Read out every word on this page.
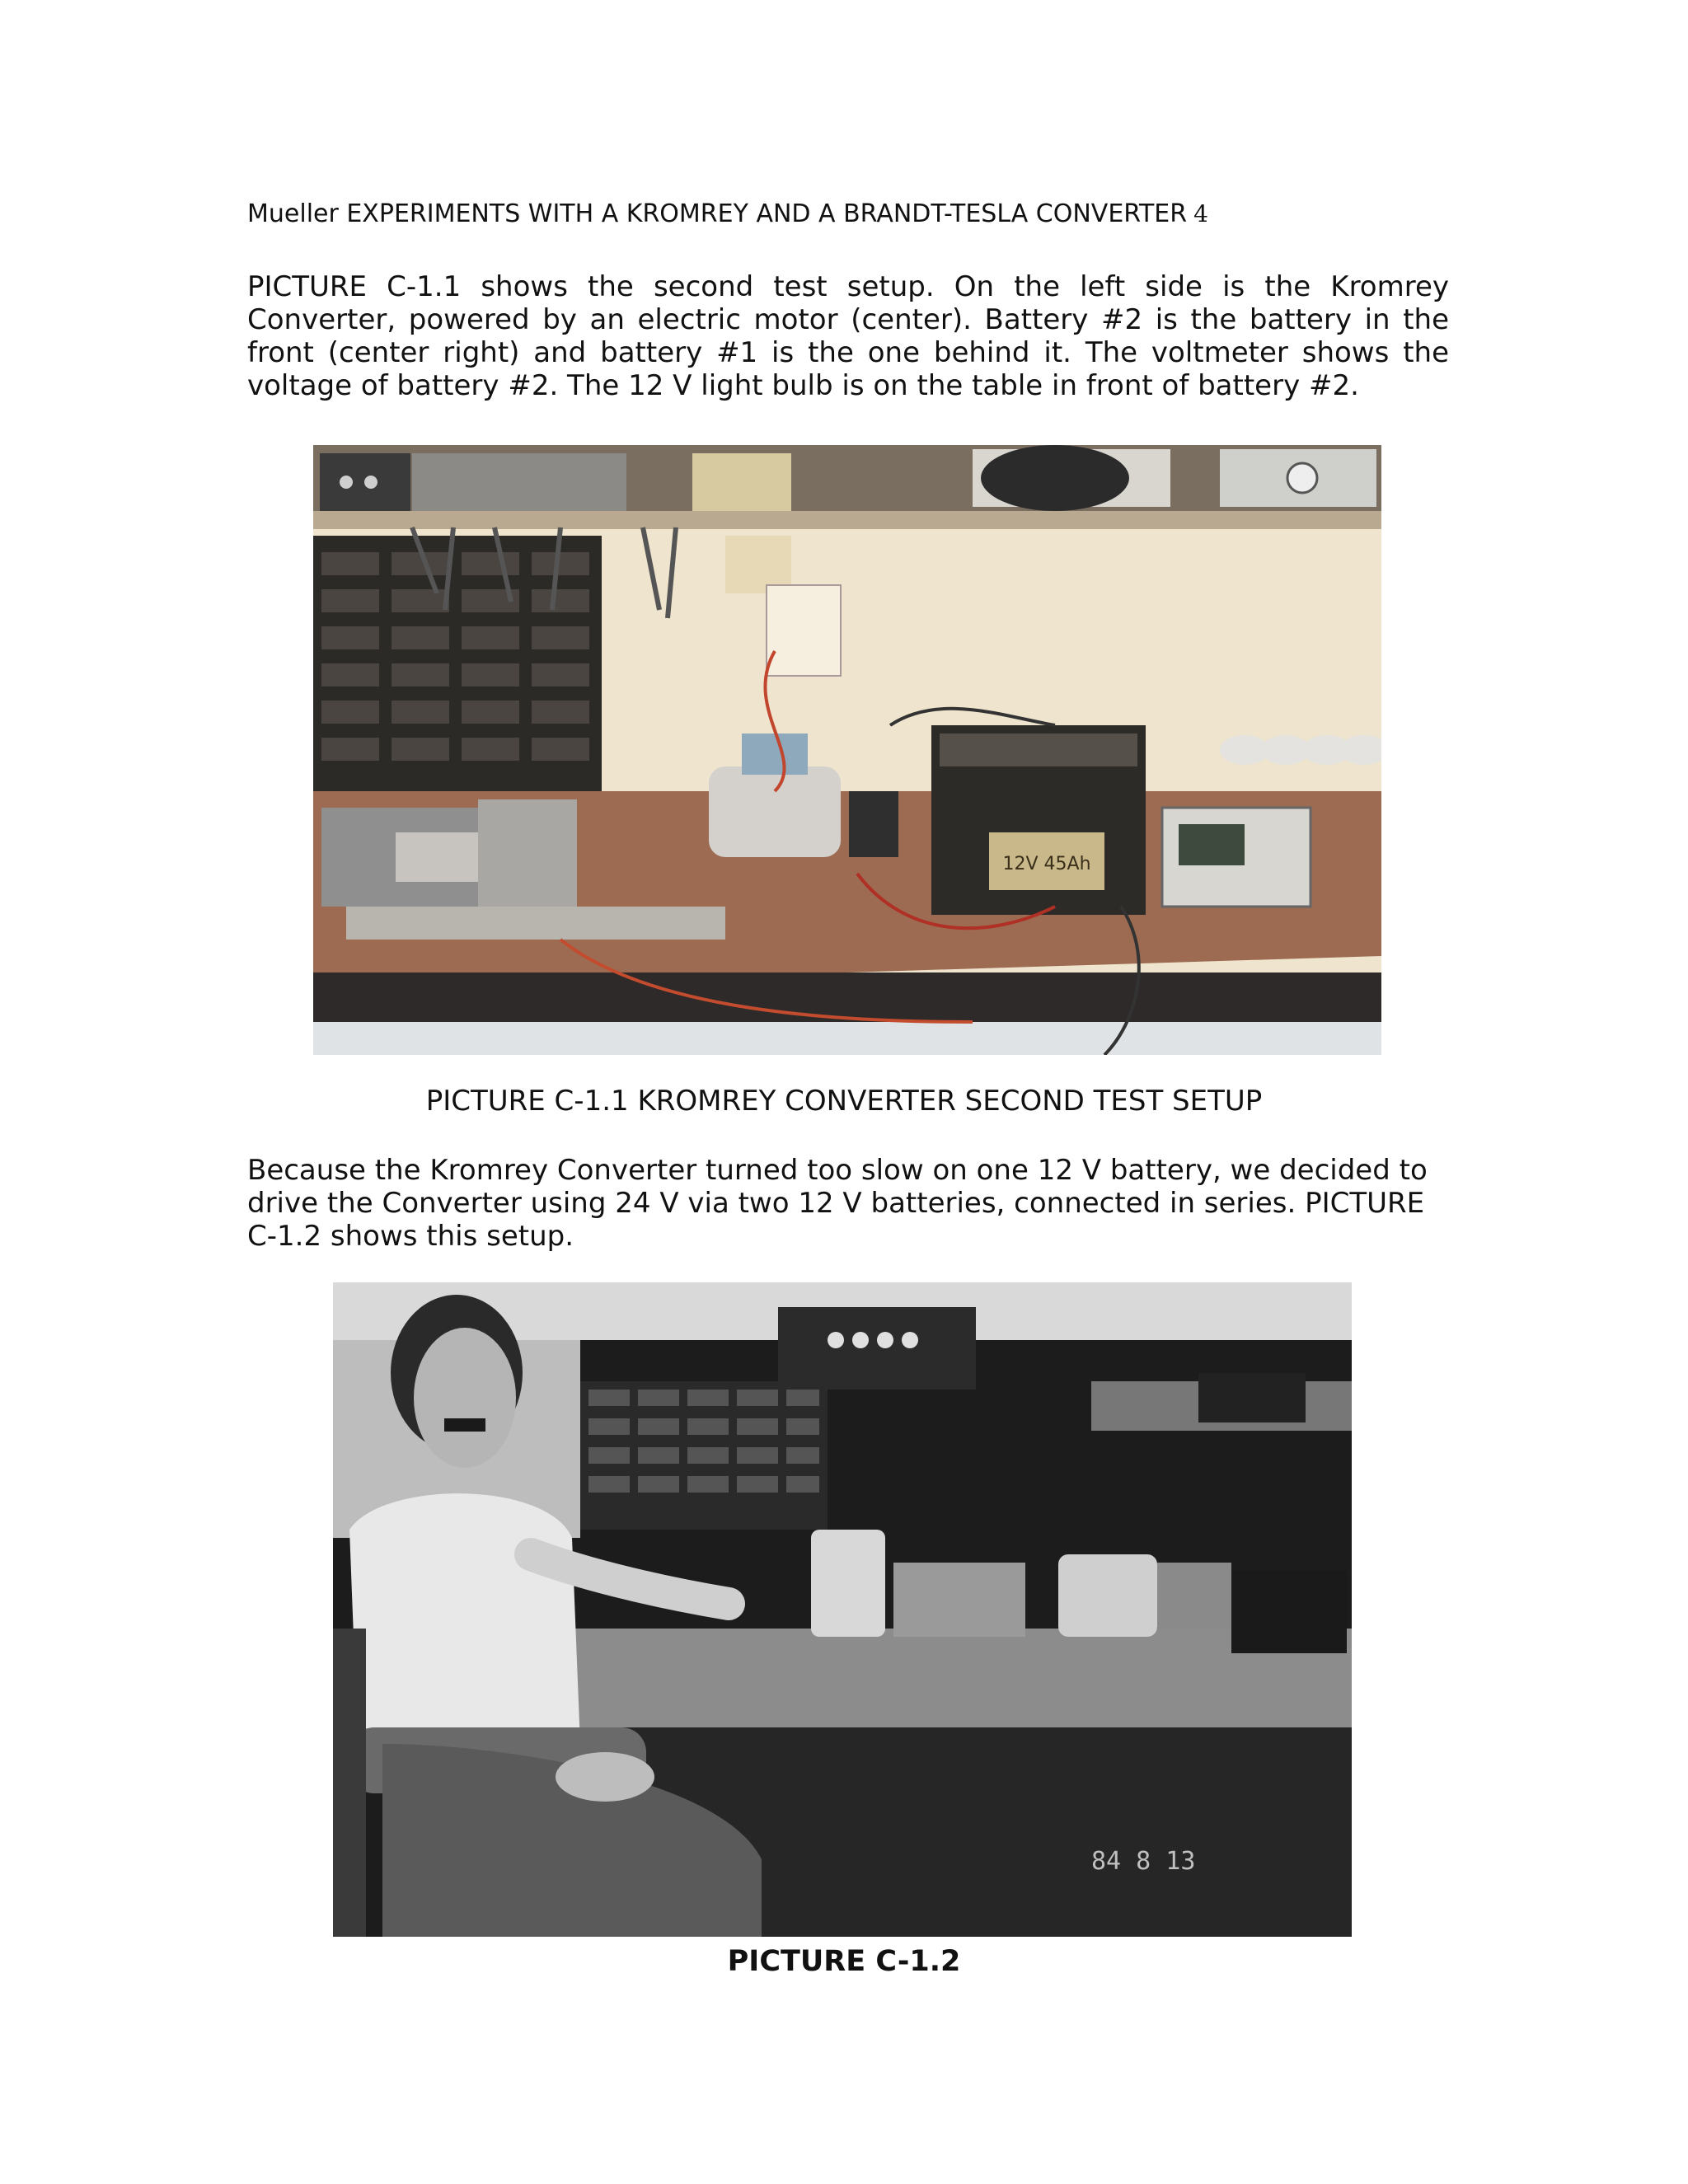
Mueller EXPERIMENTS WITH A KROMREY AND A BRANDT-TESLA CONVERTER 4

PICTURE C-1.1 shows the second test setup. On the left side is the Kromrey Converter, powered by an electric motor (center). Battery #2 is the battery in the front (center right) and battery #1 is the one behind it. The voltmeter shows the voltage of battery #2. The 12 V light bulb is on the table in front of battery #2.

12V 45Ah
PICTURE C-1.1 KROMREY CONVERTER SECOND TEST SETUP

Because the Kromrey Converter turned too slow on one 12 V battery, we decided to drive the Converter using 24 V via two 12 V batteries, connected in series. PICTURE C-1.2 shows this setup.

84 8 13
PICTURE C-1.2
